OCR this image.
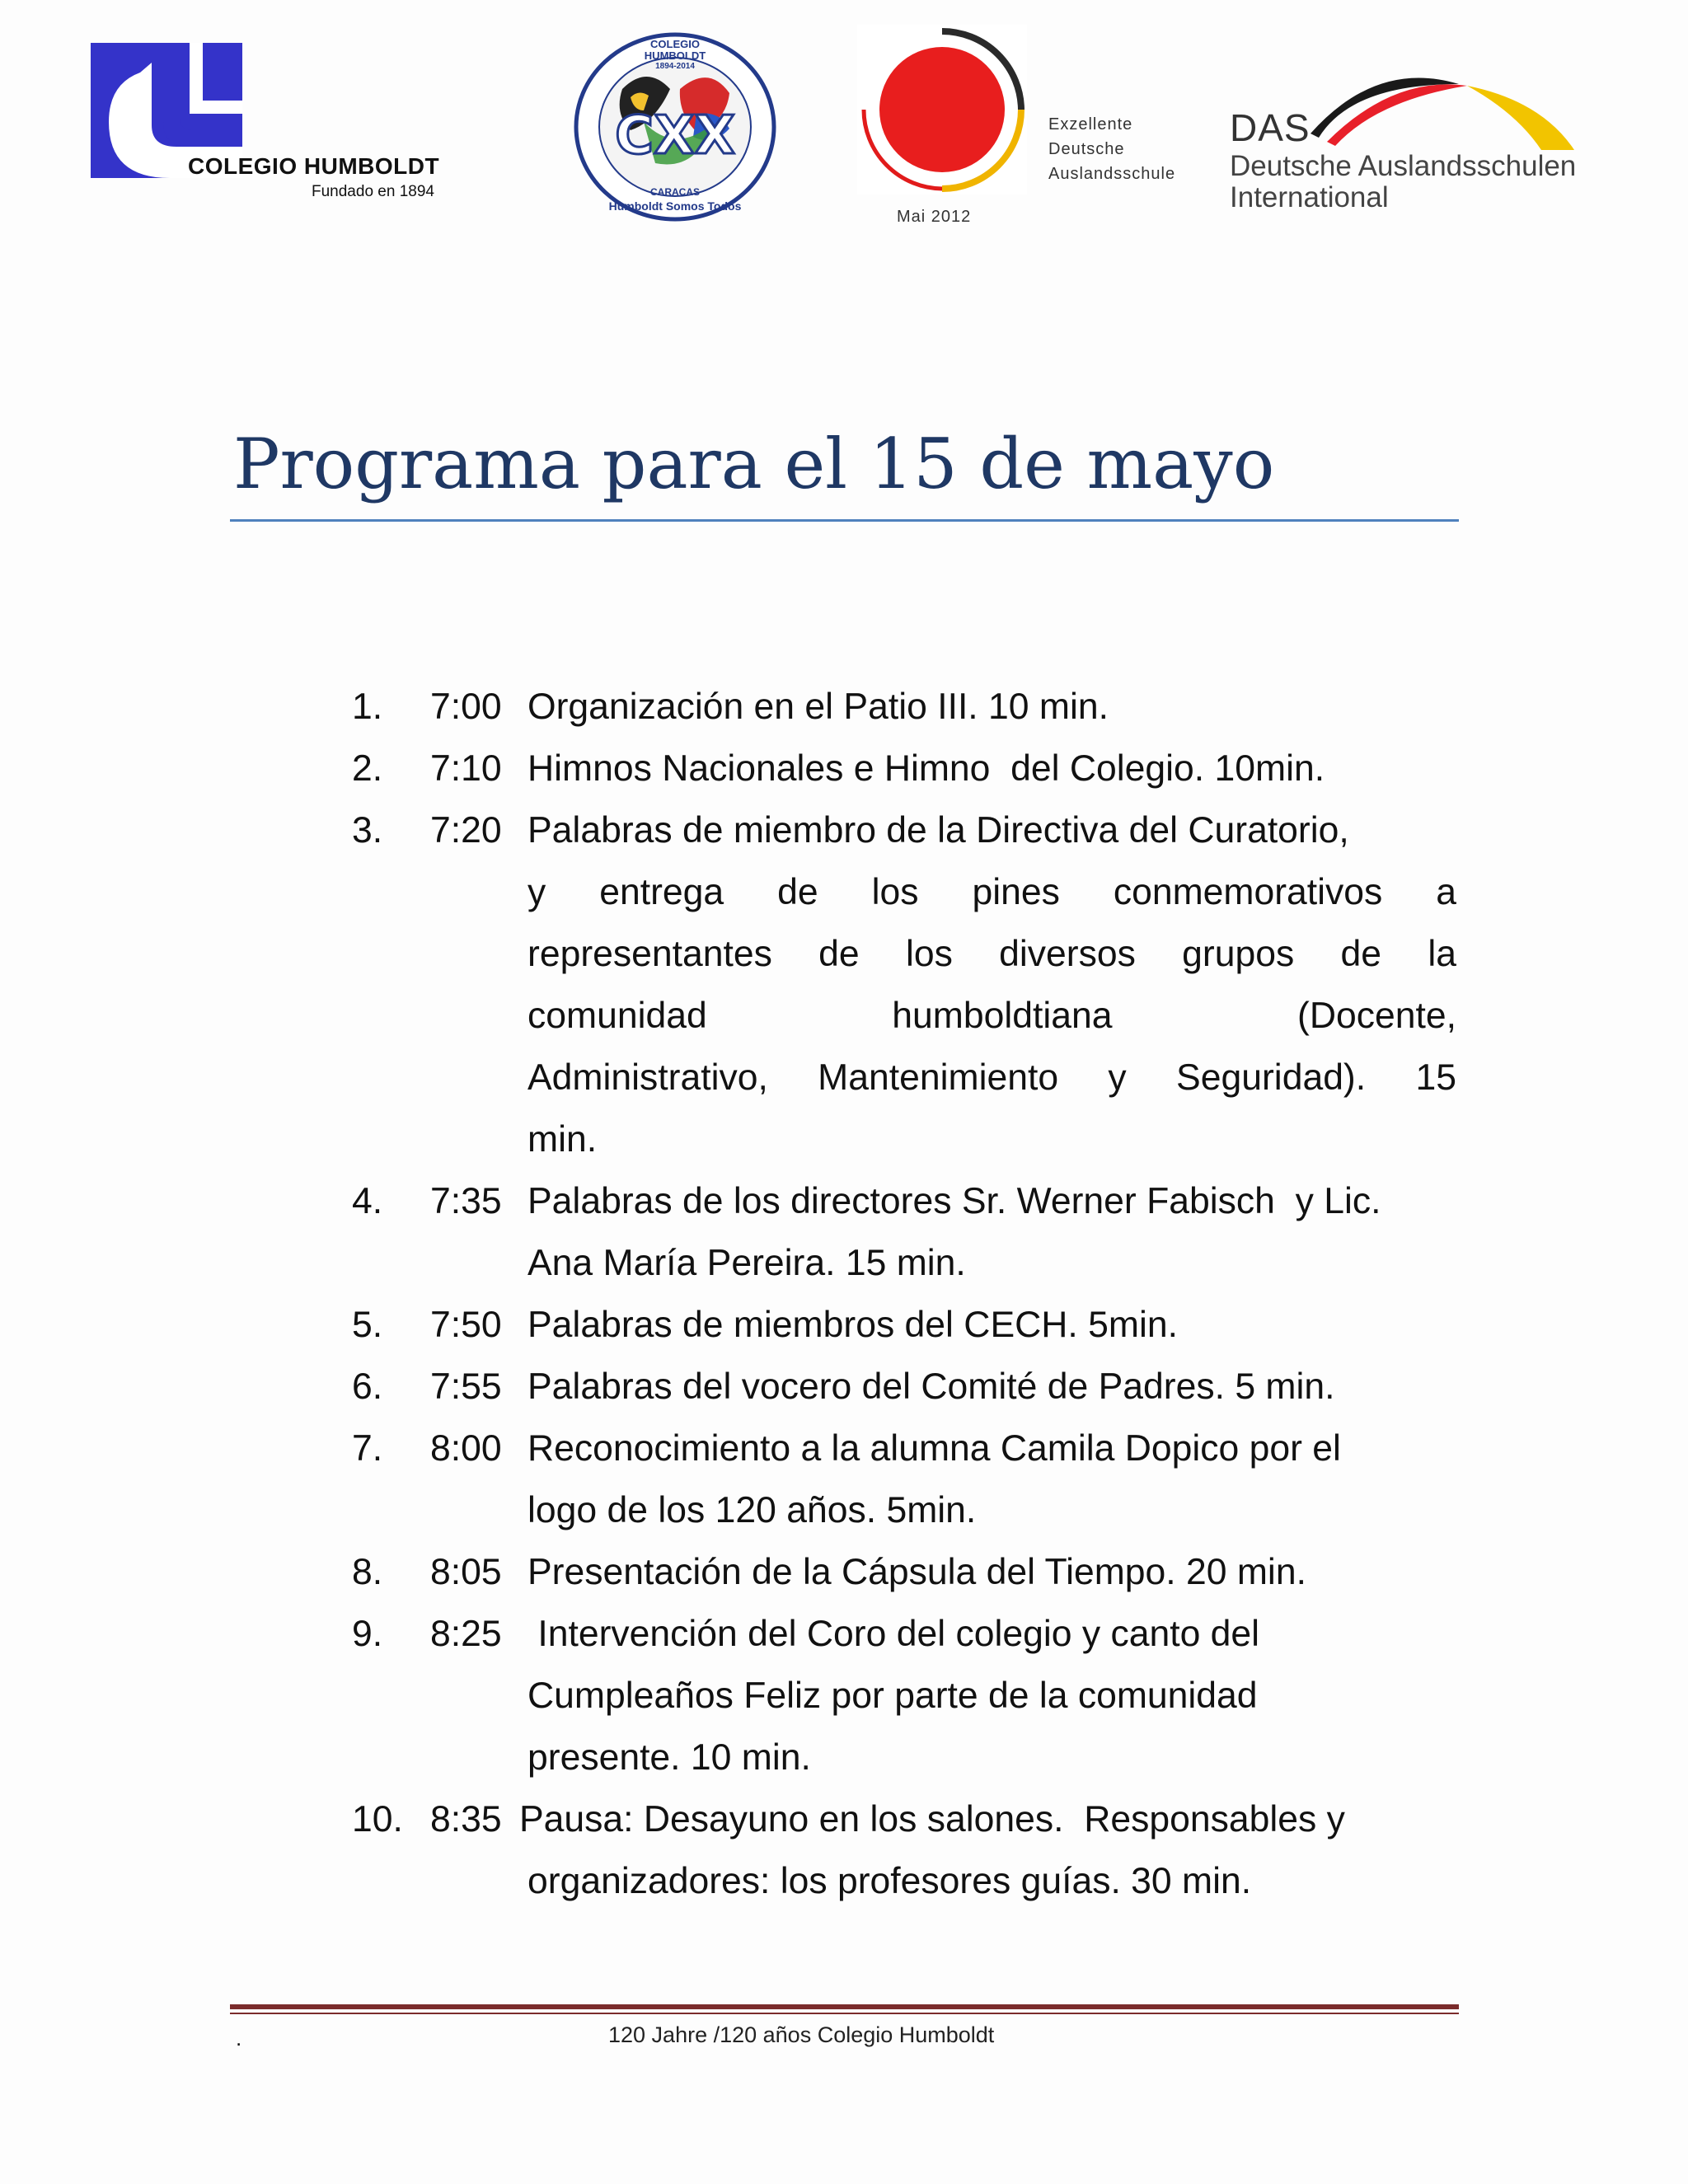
COLEGIO HUMBOLDT
Fundado en 1894
CXX
COLEGIO
HUMBOLDT
1894-2014
CARACAS
Humboldt Somos Todos
Exzellente
Deutsche
Auslandsschule
Mai 2012
DAS
Deutsche Auslandsschulen
International
Programa para el 15 de mayo
1.	7:00 Organización en el Patio III. 10 min.
2.	7:10 Himnos Nacionales e Himno  del Colegio. 10min.
3.	7:20 Palabras de miembro de la Directiva del Curatorio,
y entrega de los pines conmemorativos a
representantes de los diversos grupos de la
comunidad humboldtiana (Docente,
Administrativo, Mantenimiento y Seguridad). 15
min.
4.	7:35 Palabras de los directores Sr. Werner Fabisch  y Lic.
Ana María Pereira. 15 min.
5.	7:50 Palabras de miembros del CECH. 5min.
6.	7:55 Palabras del vocero del Comité de Padres. 5 min.
7.	8:00 Reconocimiento a la alumna Camila Dopico por el
logo de los 120 años. 5min.
8.	8:05 Presentación de la Cápsula del Tiempo. 20 min.
9.	8:25 Intervención del Coro del colegio y canto del
Cumpleaños Feliz por parte de la comunidad
presente. 10 min.
10. 8:35 Pausa: Desayuno en los salones.  Responsables y
organizadores: los profesores guías. 30 min.
.	120 Jahre /120 años Colegio Humboldt
